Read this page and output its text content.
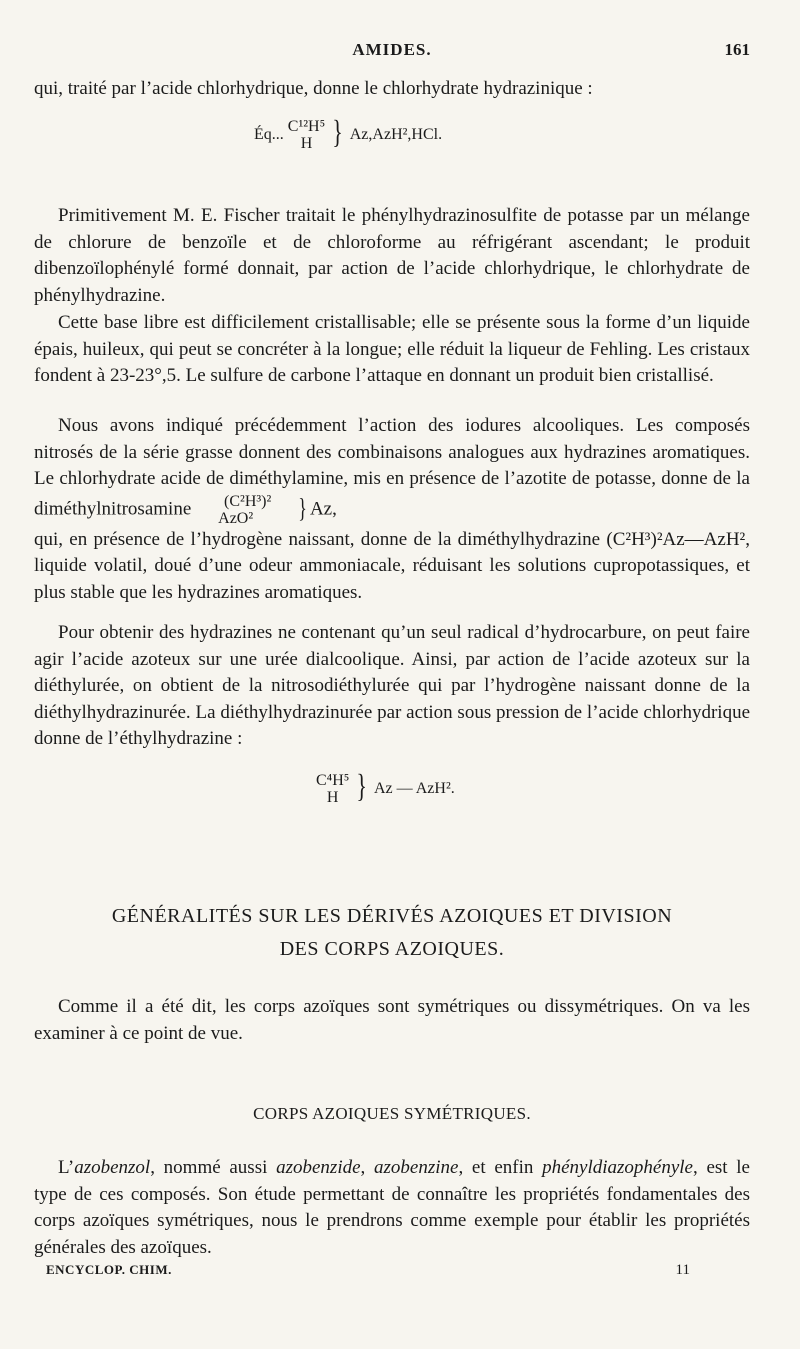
AMIDES.	161

qui, traité par l’acide chlorhydrique, donne le chlorhydrate hydrazinique :

Éq... C¹²H⁵
H } Az,AzH²,HCl.

Primitivement M. E. Fischer traitait le phénylhydrazinosulfite de potasse par un mélange de chlorure de benzoïle et de chloroforme au réfrigérant ascendant; le produit dibenzoïlophénylé formé donnait, par action de l’acide chlorhydrique, le chlorhydrate de phénylhydrazine.

Cette base libre est difficilement cristallisable; elle se présente sous la forme d’un liquide épais, huileux, qui peut se concréter à la longue; elle réduit la liqueur de Fehling. Les cristaux fondent à 23-23°,5. Le sulfure de carbone l’attaque en donnant un produit bien cristallisé.

Nous avons indiqué précédemment l’action des iodures alcooliques. Les composés nitrosés de la série grasse donnent des combinaisons analogues aux hydrazines aromatiques. Le chlorhydrate acide de diméthylamine, mis en présence de l’azotite de potasse, donne de la diméthylnitrosamine (C²H³)²
AzO²	} Az,

qui, en présence de l’hydrogène naissant, donne de la diméthylhydrazine (C²H³)²Az—AzH², liquide volatil, doué d’une odeur ammoniacale, réduisant les solutions cupropotassiques, et plus stable que les hydrazines aromatiques.

Pour obtenir des hydrazines ne contenant qu’un seul radical d’hydrocarbure, on peut faire agir l’acide azoteux sur une urée dialcoolique. Ainsi, par action de l’acide azoteux sur la diéthylurée, on obtient de la nitrosodiéthylurée qui par l’hydrogène naissant donne de la diéthylhydrazinurée. La diéthylhydrazinurée par action sous pression de l’acide chlorhydrique donne de l’éthylhydrazine :

C⁴H⁵
H } Az — AzH².
GÉNÉRALITÉS SUR LES DÉRIVÉS AZOIQUES ET DIVISION
DES CORPS AZOIQUES.

Comme il a été dit, les corps azoïques sont symétriques ou dissymétriques. On va les examiner à ce point de vue.

CORPS AZOIQUES SYMÉTRIQUES.

L’azobenzol, nommé aussi azobenzide, azobenzine, et enfin phényldiazophényle, est le type de ces composés. Son étude permettant de connaître les propriétés fondamentales des corps azoïques symétriques, nous le prendrons comme exemple pour établir les propriétés générales des azoïques.

ENCYCLOP. CHIM.	11
